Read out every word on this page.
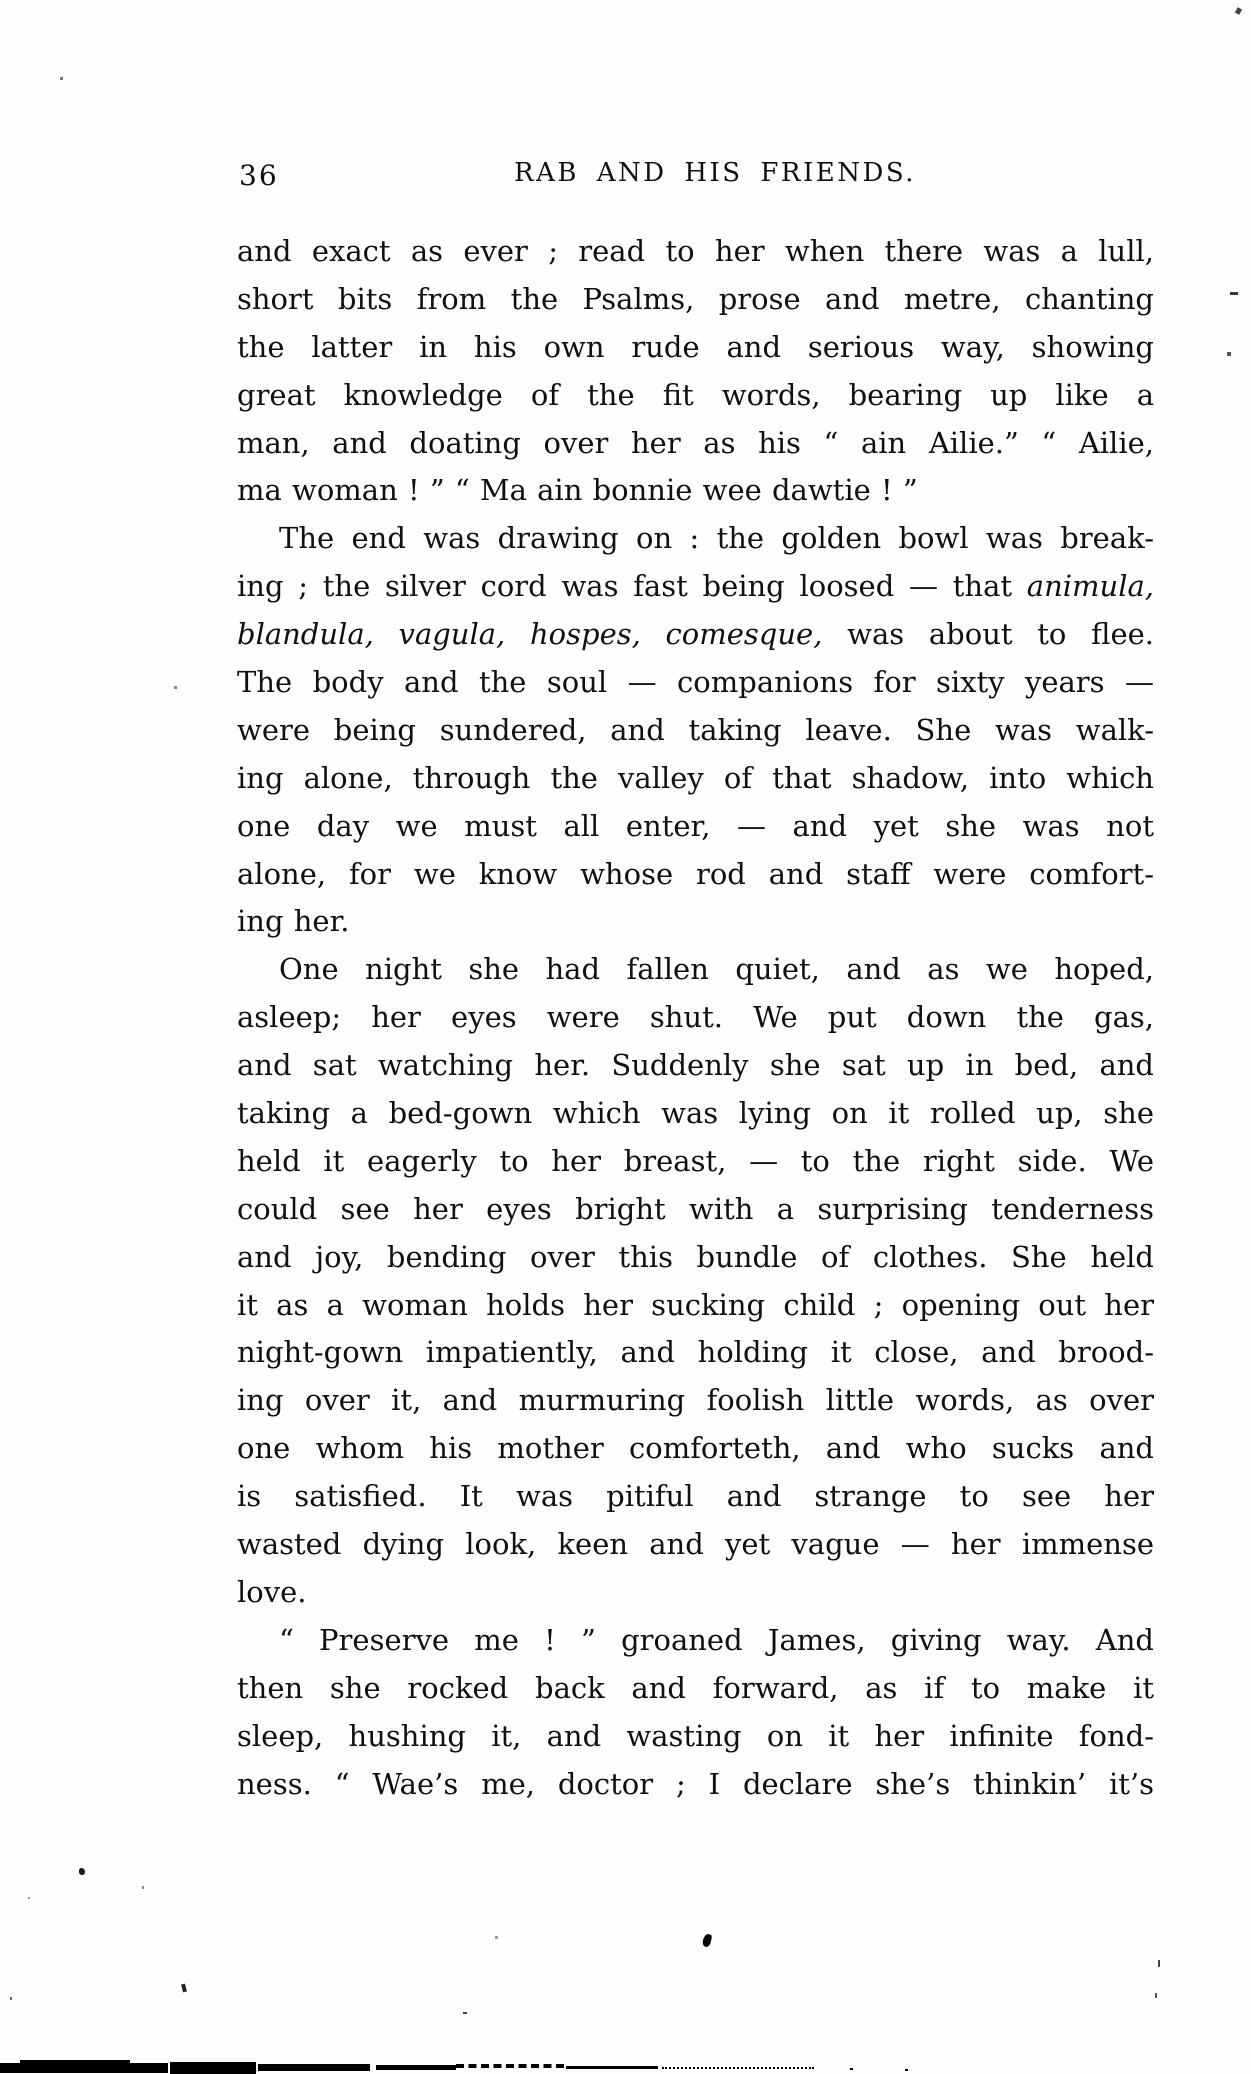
36	RAB AND HIS FRIENDS.
and exact as ever ; read to her when there was a lull,
short bits from the Psalms, prose and metre, chanting
the latter in his own rude and serious way, showing
great knowledge of the fit words, bearing up like a
man, and doating over her as his “ ain Ailie.” “ Ailie,
ma woman ! ” “ Ma ain bonnie wee dawtie ! ”
The end was drawing on : the golden bowl was break-
ing ; the silver cord was fast being loosed — that animula,
blandula, vagula, hospes, comesque, was about to flee.
The body and the soul — companions for sixty years —
were being sundered, and taking leave. She was walk-
ing alone, through the valley of that shadow, into which
one day we must all enter, — and yet she was not
alone, for we know whose rod and staff were comfort-
ing her.
One night she had fallen quiet, and as we hoped,
asleep; her eyes were shut. We put down the gas,
and sat watching her. Suddenly she sat up in bed, and
taking a bed-gown which was lying on it rolled up, she
held it eagerly to her breast, — to the right side. We
could see her eyes bright with a surprising tenderness
and joy, bending over this bundle of clothes. She held
it as a woman holds her sucking child ; opening out her
night-gown impatiently, and holding it close, and brood-
ing over it, and murmuring foolish little words, as over
one whom his mother comforteth, and who sucks and
is satisfied. It was pitiful and strange to see her
wasted dying look, keen and yet vague — her immense
love.
“ Preserve me ! ” groaned James, giving way. And
then she rocked back and forward, as if to make it
sleep, hushing it, and wasting on it her infinite fond-
ness. “ Wae’s me, doctor ; I declare she’s thinkin’ it’s
